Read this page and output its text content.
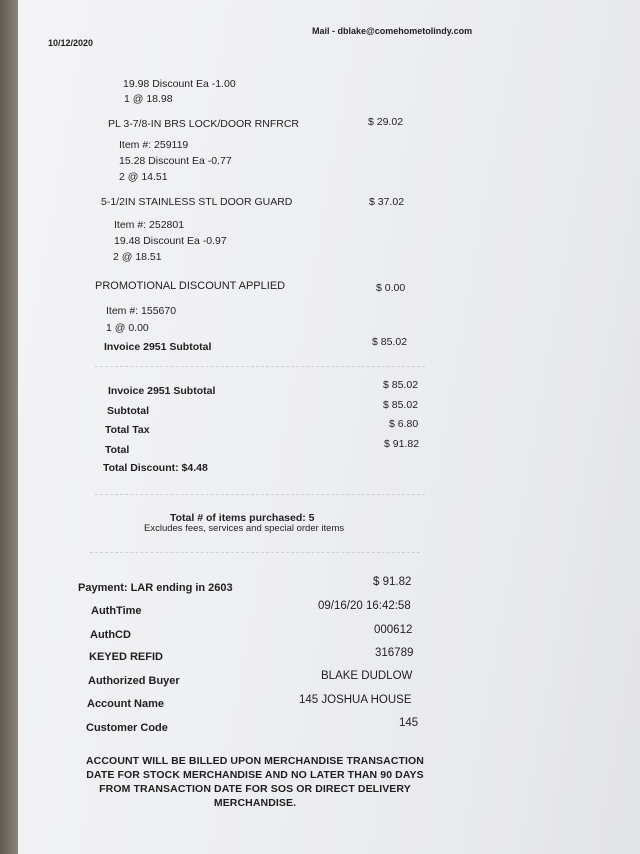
10/12/2020
Mail - dblake@comehometolindy.com
19.98 Discount Ea -1.00
1 @ 18.98
PL 3-7/8-IN BRS LOCK/DOOR RNFRCR	$ 29.02
Item #: 259119
15.28 Discount Ea -0.77
2 @ 14.51
5-1/2IN STAINLESS STL DOOR GUARD	$ 37.02
Item #: 252801
19.48 Discount Ea -0.97
2 @ 18.51
PROMOTIONAL DISCOUNT APPLIED	$ 0.00
Item #: 155670
1 @ 0.00
Invoice 2951 Subtotal	$ 85.02
Invoice 2951 Subtotal	$ 85.02
Subtotal	$ 85.02
Total Tax	$ 6.80
Total	$ 91.82
Total Discount: $4.48
Total # of items purchased: 5
Excludes fees, services and special order items
Payment: LAR ending in 2603	$ 91.82
AuthTime	09/16/20 16:42:58
AuthCD	000612
KEYED REFID	316789
Authorized Buyer	BLAKE DUDLOW
Account Name	145 JOSHUA HOUSE
Customer Code	145
ACCOUNT WILL BE BILLED UPON MERCHANDISE TRANSACTION DATE FOR STOCK MERCHANDISE AND NO LATER THAN 90 DAYS FROM TRANSACTION DATE FOR SOS OR DIRECT DELIVERY MERCHANDISE.
